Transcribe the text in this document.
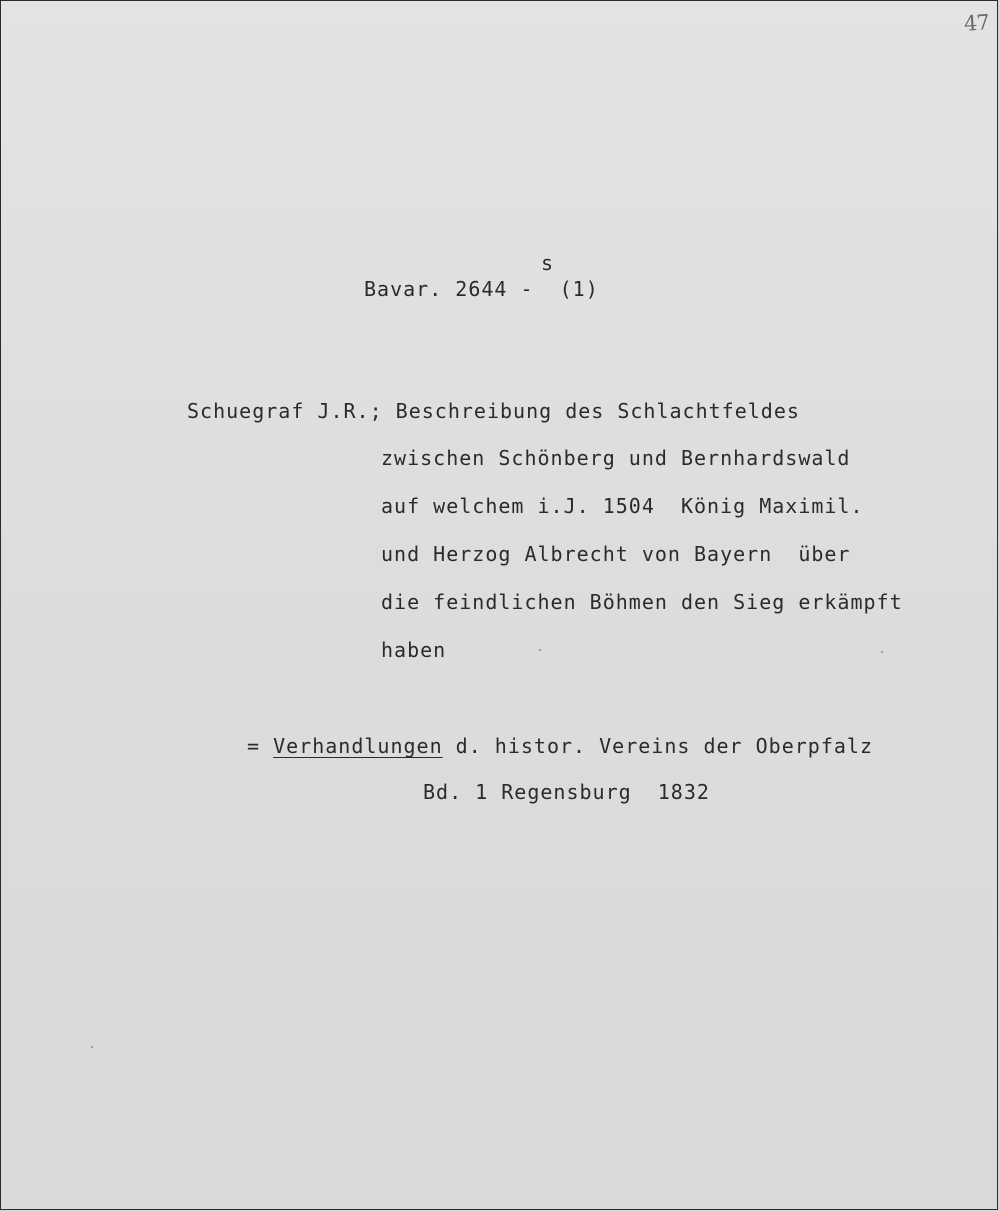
47
s
Bavar. 2644 -  (1)
Schuegraf J.R.; Beschreibung des Schlachtfeldes
zwischen Schönberg und Bernhardswald
auf welchem i.J. 1504  König Maximil.
und Herzog Albrecht von Bayern  über
die feindlichen Böhmen den Sieg erkämpft
haben
= Verhandlungen d. histor. Vereins der Oberpfalz
Bd. 1 Regensburg  1832
